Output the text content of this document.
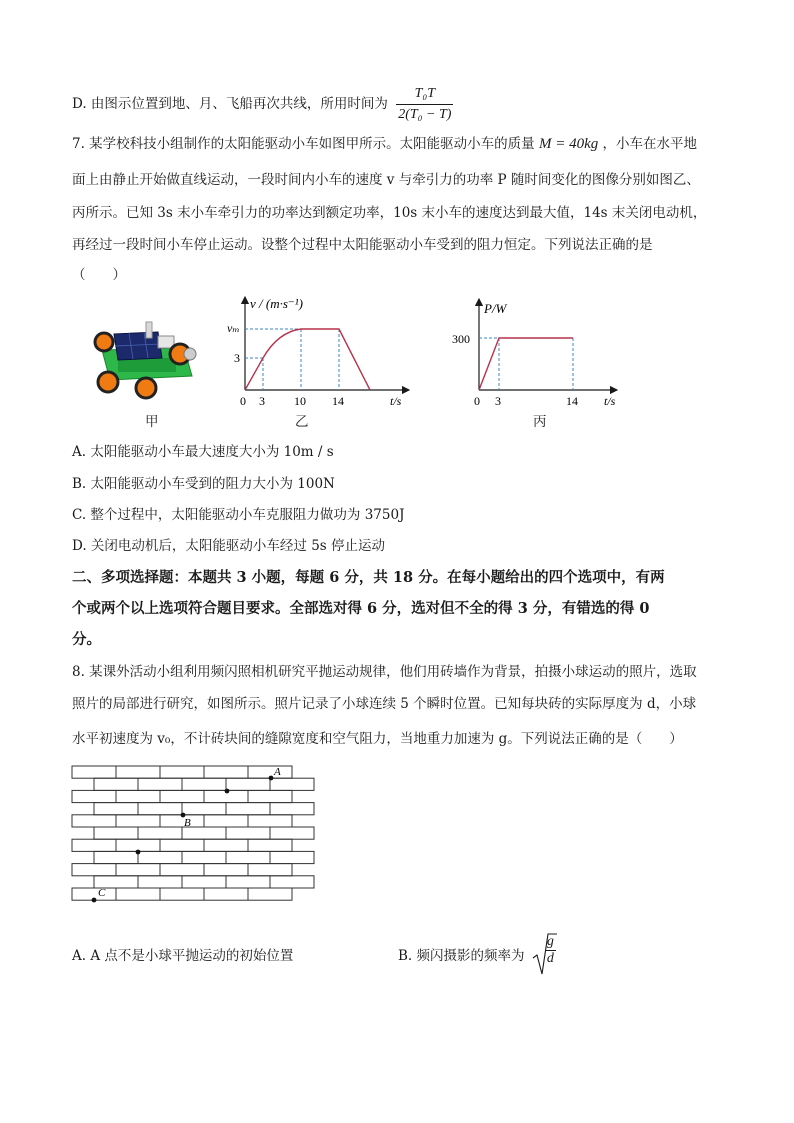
D. 由图示位置到地、月、飞船再次共线，所用时间为 $\frac{\text{T₀T}}{\text{2(T₀ − T)}}$
7. 某学校科技小组制作的太阳能驱动小车如图甲所示。太阳能驱动小车的质量 M = 40kg ，小车在水平地
面上由静止开始做直线运动，一段时间内小车的速度 v 与牵引力的功率 P 随时间变化的图像分别如图乙、
丙所示。已知 3s 末小车牵引力的功率达到额定功率，10s 末小车的速度达到最大值，14s 末关闭电动机，
再经过一段时间小车停止运动。设整个过程中太阳能驱动小车受到的阻力恒定。下列说法正确的是
（　　）
甲
v / (m·s⁻¹)
vₘ
3
0 3 10 14	t/s
乙
P/W
300
0 3	14 t/s
丙
A. 太阳能驱动小车最大速度大小为 10m / s
B. 太阳能驱动小车受到的阻力大小为 100N
C. 整个过程中，太阳能驱动小车克服阻力做功为 3750J
D. 关闭电动机后，太阳能驱动小车经过 5s 停止运动
二、多项选择题：本题共 3 小题，每题 6 分，共 18 分。在每小题给出的四个选项中，有两
个或两个以上选项符合题目要求。全部选对得 6 分，选对但不全的得 3 分，有错选的得 0
分。
8. 某课外活动小组利用频闪照相机研究平抛运动规律，他们用砖墙作为背景，拍摄小球运动的照片，选取
照片的局部进行研究，如图所示。照片记录了小球连续 5 个瞬时位置。已知每块砖的实际厚度为 d，小球
水平初速度为 v₀，不计砖块间的缝隙宽度和空气阻力，当地重力加速为 g。下列说法正确的是（　　）
A
B
C
A. A 点不是小球平抛运动的初始位置	B. 频闪摄影的频率为 $\frac{g}{d}$
